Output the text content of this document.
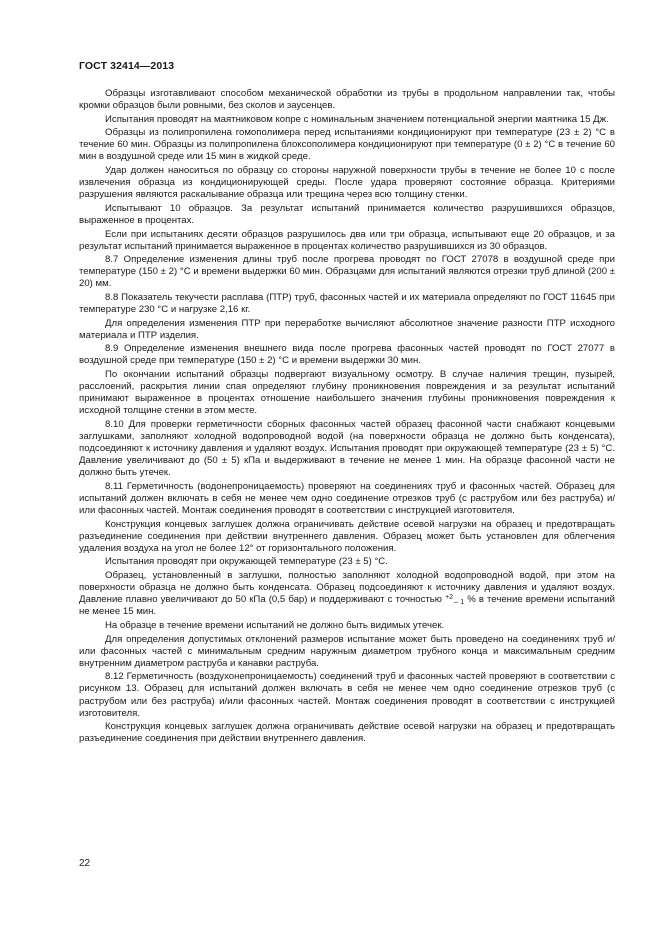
ГОСТ 32414—2013

Образцы изготавливают способом механической обработки из трубы в продольном направлении так, чтобы кромки образцов были ровными, без сколов и заусенцев.

Испытания проводят на маятниковом копре с номинальным значением потенциальной энергии маятника 15 Дж.

Образцы из полипропилена гомополимера перед испытаниями кондиционируют при температуре (23 ± 2) °C в течение 60 мин. Образцы из полипропилена блоксополимера кондиционируют при температуре (0 ± 2) °C в течение 60 мин в воздушной среде или 15 мин в жидкой среде.

Удар должен наноситься по образцу со стороны наружной поверхности трубы в течение не более 10 с после извлечения образца из кондиционирующей среды. После удара проверяют состояние образца. Критериями разрушения являются раскалывание образца или трещина через всю толщину стенки.

Испытывают 10 образцов. За результат испытаний принимается количество разрушившихся образцов, выраженное в процентах.

Если при испытаниях десяти образцов разрушилось два или три образца, испытывают еще 20 образцов, и за результат испытаний принимается выраженное в процентах количество разрушившихся из 30 образцов.

8.7 Определение изменения длины труб после прогрева проводят по ГОСТ 27078 в воздушной среде при температуре (150 ± 2) °C и времени выдержки 60 мин. Образцами для испытаний являются отрезки труб длиной (200 ± 20) мм.

8.8 Показатель текучести расплава (ПТР) труб, фасонных частей и их материала определяют по ГОСТ 11645 при температуре 230 °C и нагрузке 2,16 кг.

Для определения изменения ПТР при переработке вычисляют абсолютное значение разности ПТР исходного материала и ПТР изделия.

8.9 Определение изменения внешнего вида после прогрева фасонных частей проводят по ГОСТ 27077 в воздушной среде при температуре (150 ± 2) °C и времени выдержки 30 мин.

По окончании испытаний образцы подвергают визуальному осмотру. В случае наличия трещин, пузырей, расслоений, раскрытия линии спая определяют глубину проникновения повреждения и за результат испытаний принимают выраженное в процентах отношение наибольшего значения глубины проникновения повреждения к исходной толщине стенки в этом месте.

8.10 Для проверки герметичности сборных фасонных частей образец фасонной части снабжают концевыми заглушками, заполняют холодной водопроводной водой (на поверхности образца не должно быть конденсата), подсоединяют к источнику давления и удаляют воздух. Испытания проводят при окружающей температуре (23 ± 5) °C. Давление увеличивают до (50 ± 5) кПа и выдерживают в течение не менее 1 мин. На образце фасонной части не должно быть утечек.

8.11 Герметичность (водонепроницаемость) проверяют на соединениях труб и фасонных частей. Образец для испытаний должен включать в себя не менее чем одно соединение отрезков труб (с раструбом или без раструба) и/или фасонных частей. Монтаж соединения проводят в соответствии с инструкцией изготовителя.

Конструкция концевых заглушек должна ограничивать действие осевой нагрузки на образец и предотвращать разъединение соединения при действии внутреннего давления. Образец может быть установлен для облегчения удаления воздуха на угол не более 12° от горизонтального положения.

Испытания проводят при окружающей температуре (23 ± 5) °C.

Образец, установленный в заглушки, полностью заполняют холодной водопроводной водой, при этом на поверхности образца не должно быть конденсата. Образец подсоединяют к источнику давления и удаляют воздух. Давление плавно увеличивают до 50 кПа (0,5 бар) и поддерживают с точностью $^{+2}_{- 1}$ % в течение времени испытаний не менее 15 мин.

На образце в течение времени испытаний не должно быть видимых утечек.

Для определения допустимых отклонений размеров испытание может быть проведено на соединениях труб и/или фасонных частей с минимальным средним наружным диаметром трубного конца и максимальным средним внутренним диаметром раструба и канавки раструба.

8.12 Герметичность (воздухонепроницаемость) соединений труб и фасонных частей проверяют в соответствии с рисунком 13. Образец для испытаний должен включать в себя не менее чем одно соединение отрезков труб (с раструбом или без раструба) и/или фасонных частей. Монтаж соединения проводят в соответствии с инструкцией изготовителя.

Конструкция концевых заглушек должна ограничивать действие осевой нагрузки на образец и предотвращать разъединение соединения при действии внутреннего давления.

22
